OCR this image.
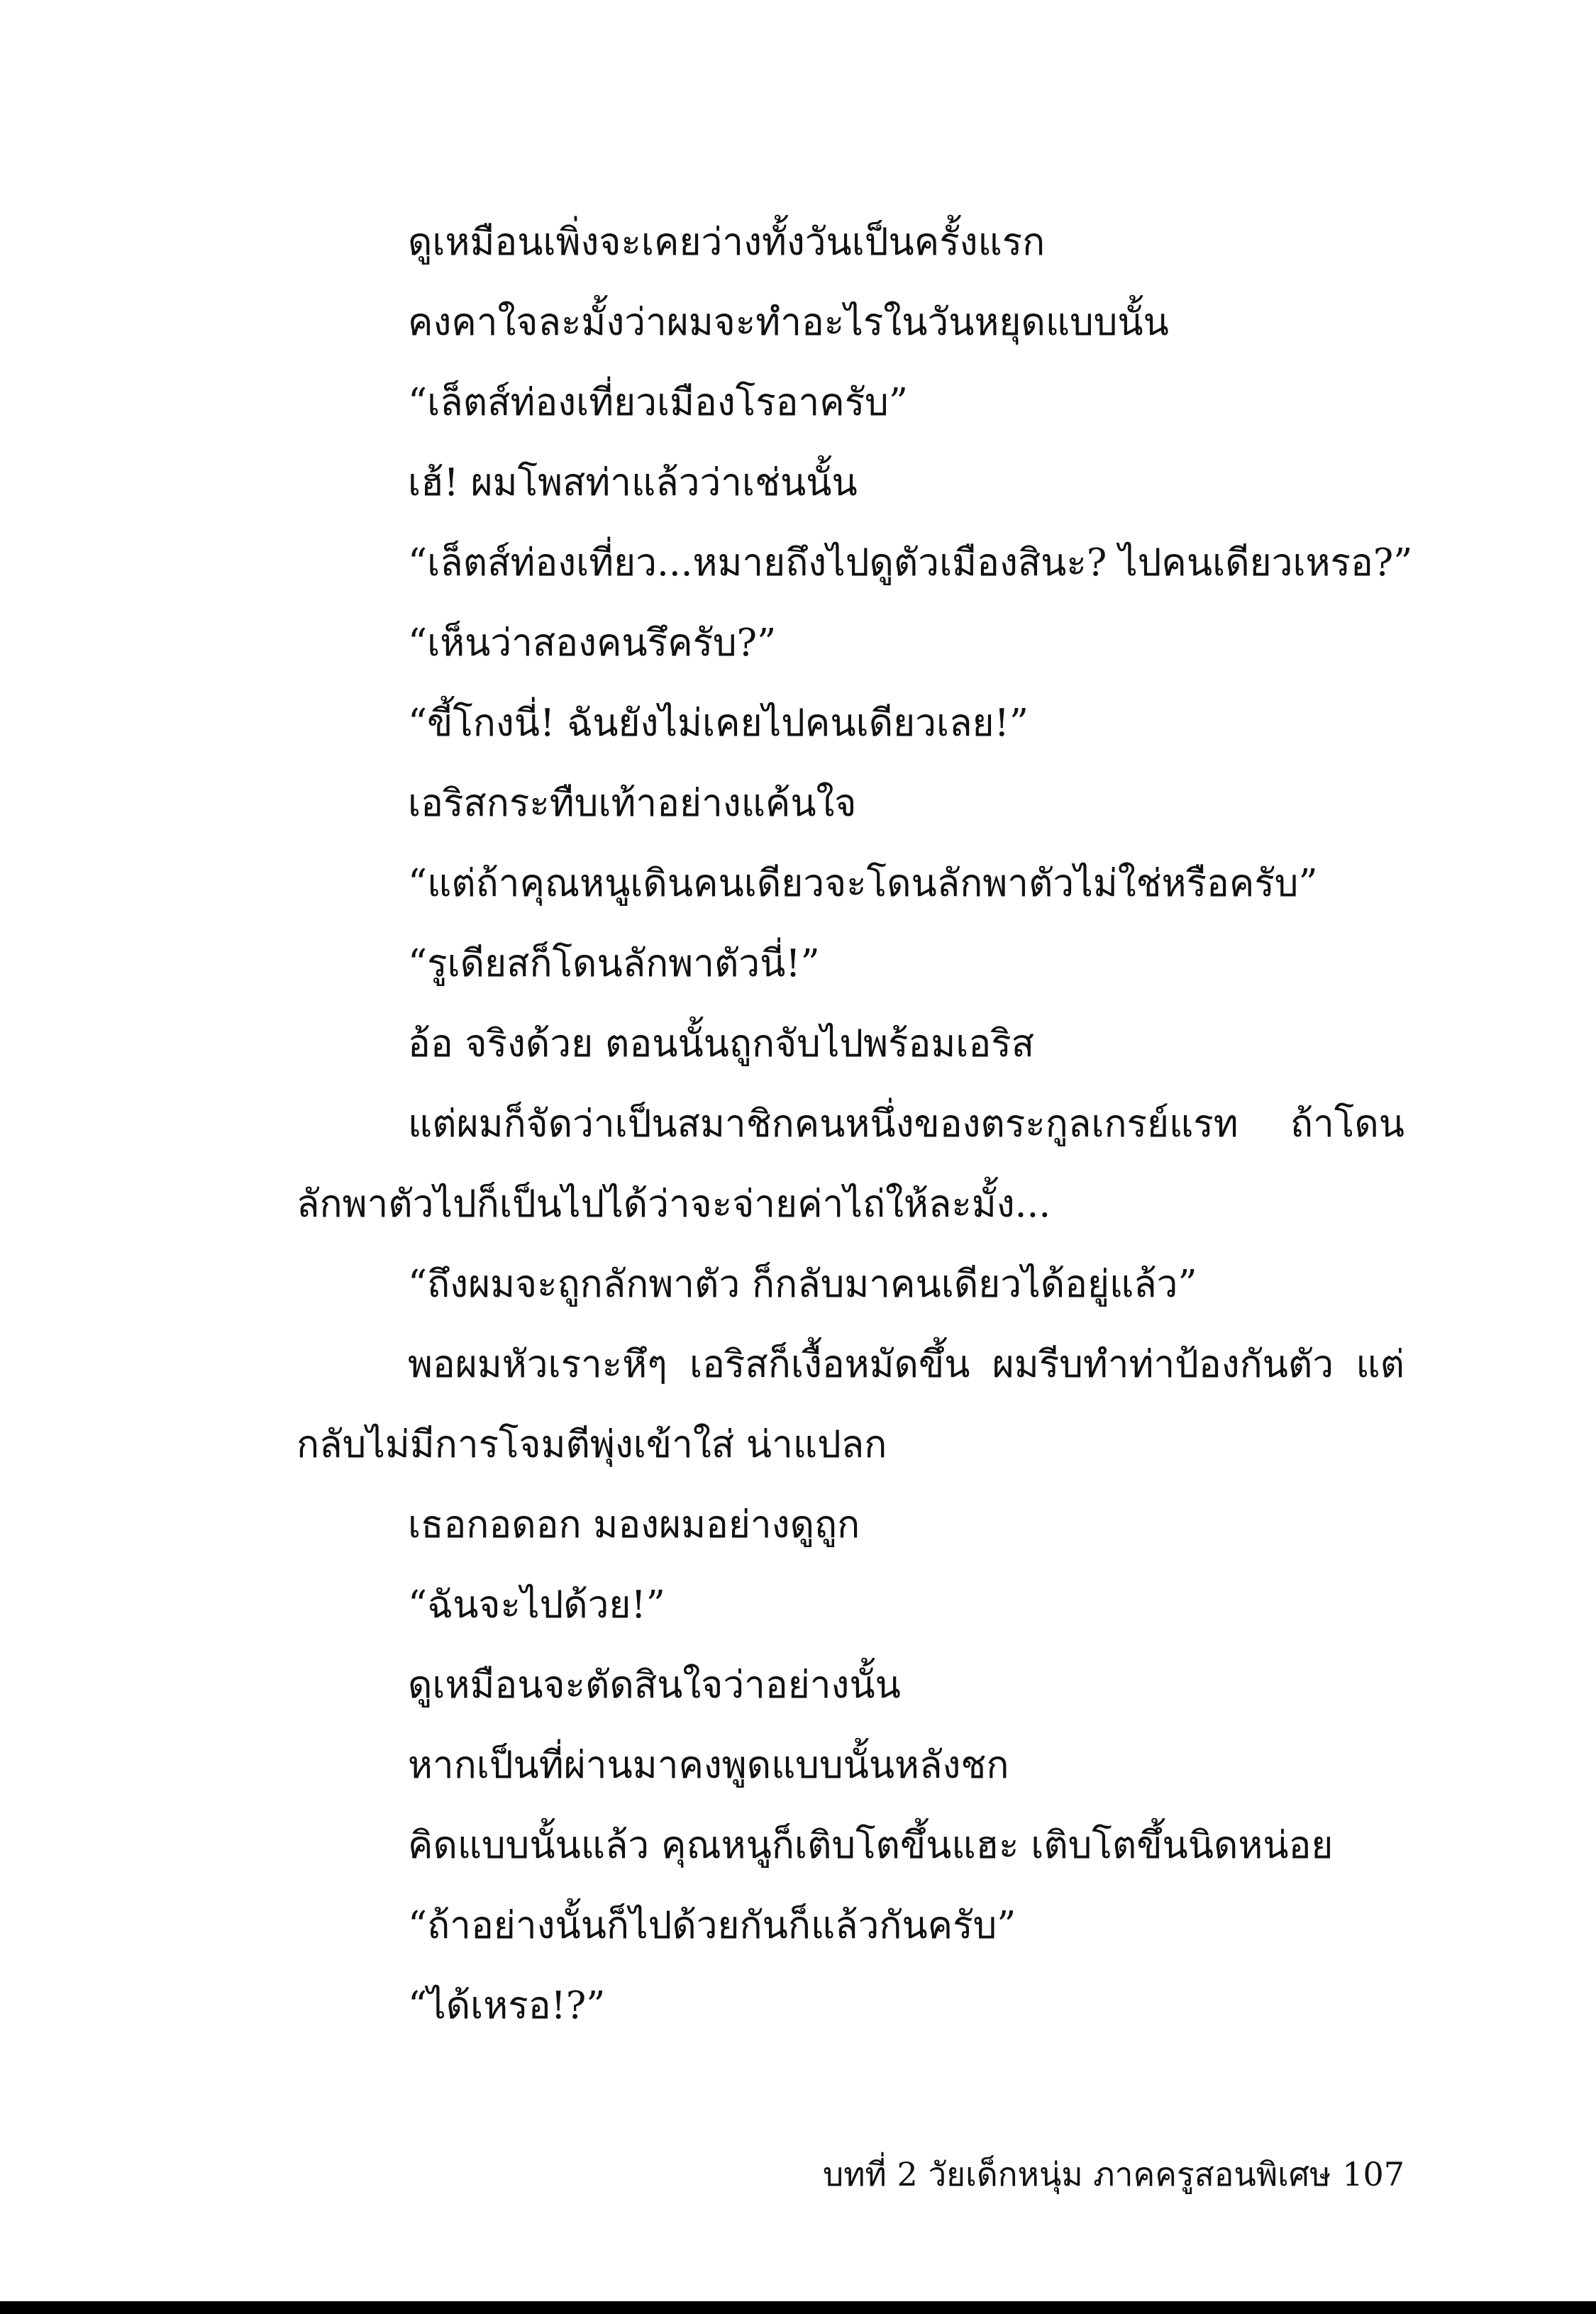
ดูเหมือนเพิ่งจะเคยว่างทั้งวันเป็นครั้งแรก
คงคาใจละมั้งว่าผมจะทำอะไรในวันหยุดแบบนั้น
“เล็ตส์ท่องเที่ยวเมืองโรอาครับ”
เฮ้! ผมโพสท่าแล้วว่าเช่นนั้น
“เล็ตส์ท่องเที่ยว...หมายถึงไปดูตัวเมืองสินะ? ไปคนเดียวเหรอ?”
“เห็นว่าสองคนรึครับ?”
“ขี้โกงนี่! ฉันยังไม่เคยไปคนเดียวเลย!”
เอริสกระทืบเท้าอย่างแค้นใจ
“แต่ถ้าคุณหนูเดินคนเดียวจะโดนลักพาตัวไม่ใช่หรือครับ”
“รูเดียสก็โดนลักพาตัวนี่!”
อ้อ จริงด้วย ตอนนั้นถูกจับไปพร้อมเอริส
แต่ผมก็จัดว่าเป็นสมาชิกคนหนึ่งของตระกูลเกรย์แรท ถ้าโดน
ลักพาตัวไปก็เป็นไปได้ว่าจะจ่ายค่าไถ่ให้ละมั้ง...
“ถึงผมจะถูกลักพาตัว ก็กลับมาคนเดียวได้อยู่แล้ว”
พอผมหัวเราะหึๆ เอริสก็เงื้อหมัดขึ้น ผมรีบทำท่าป้องกันตัว แต่
กลับไม่มีการโจมตีพุ่งเข้าใส่ น่าแปลก
เธอกอดอก มองผมอย่างดูถูก
“ฉันจะไปด้วย!”
ดูเหมือนจะตัดสินใจว่าอย่างนั้น
หากเป็นที่ผ่านมาคงพูดแบบนั้นหลังชก
คิดแบบนั้นแล้ว คุณหนูก็เติบโตขึ้นแฮะ เติบโตขึ้นนิดหน่อย
“ถ้าอย่างนั้นก็ไปด้วยกันก็แล้วกันครับ”
“ได้เหรอ!?”
บทที่ 2 วัยเด็กหนุ่ม ภาคครูสอนพิเศษ 107
